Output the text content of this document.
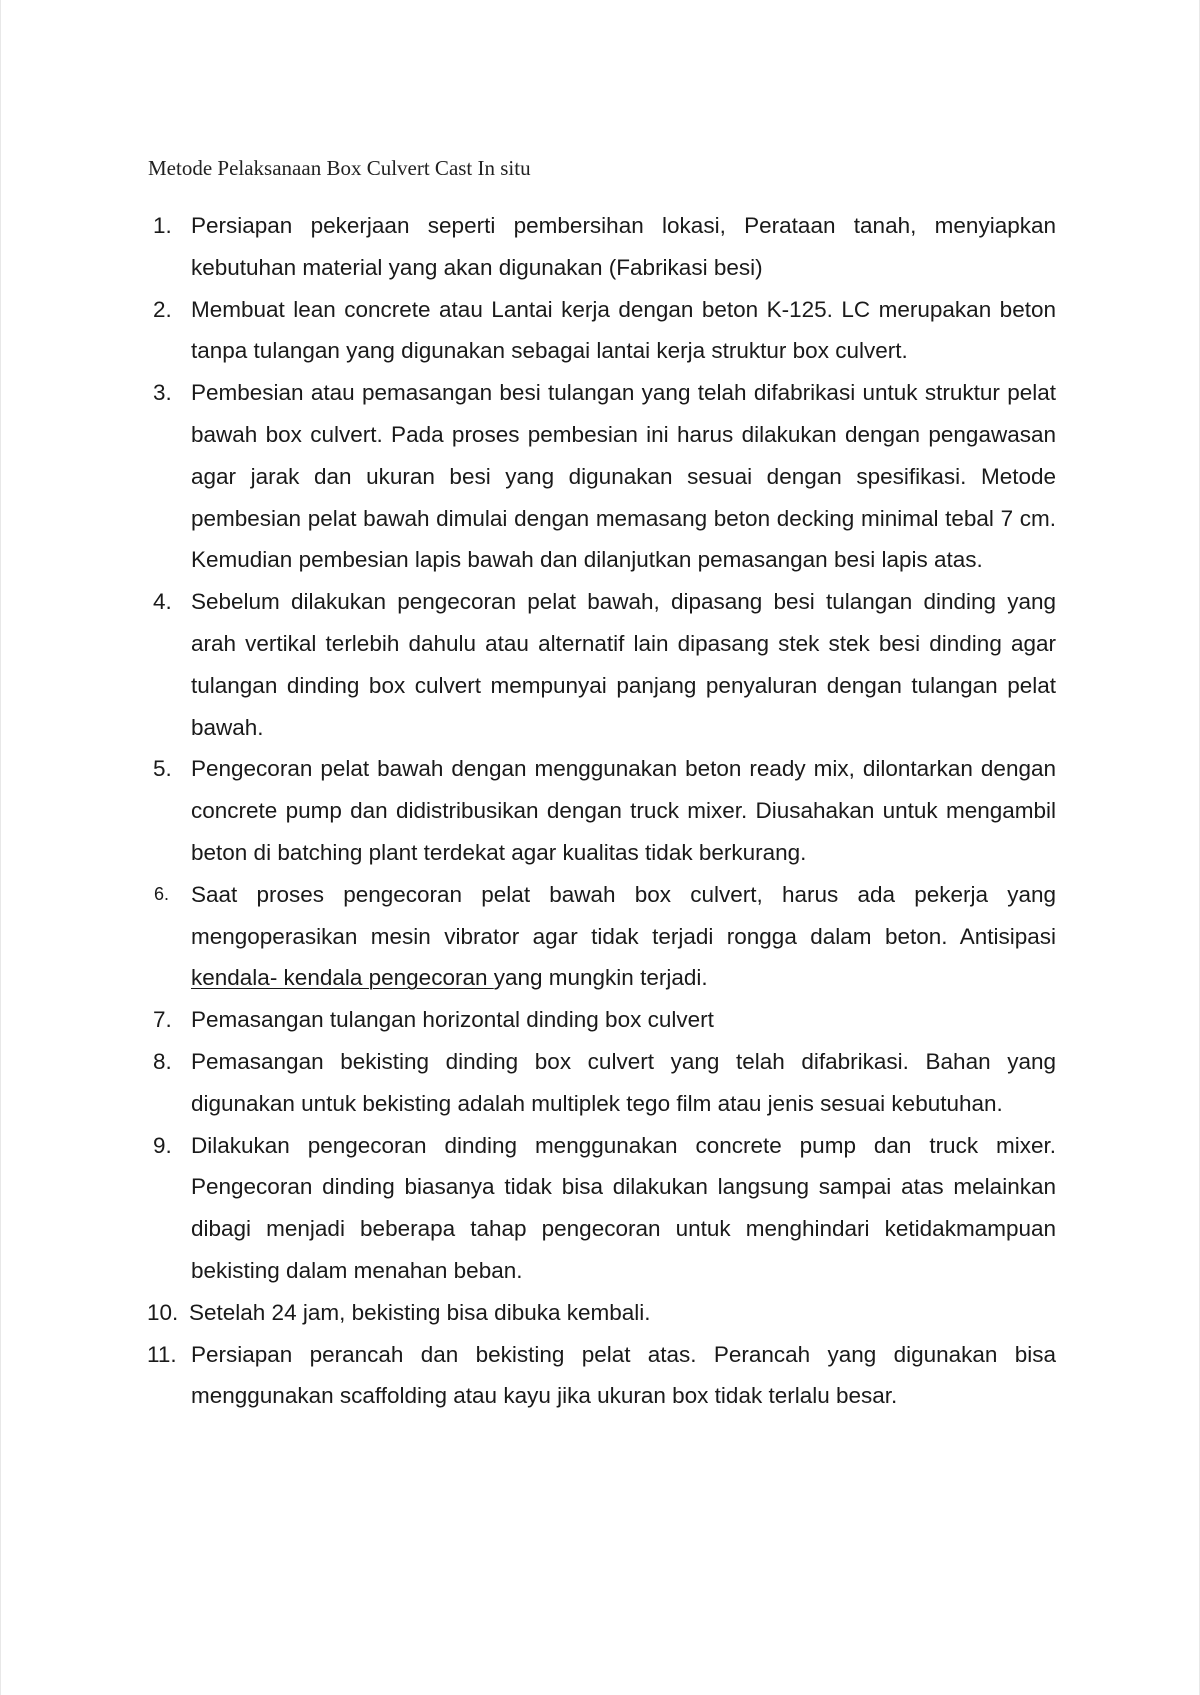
Metode Pelaksanaan Box Culvert Cast In situ
1. Persiapan pekerjaan seperti pembersihan lokasi, Perataan tanah, menyiapkan kebutuhan material yang akan digunakan (Fabrikasi besi)
2. Membuat lean concrete atau Lantai kerja dengan beton K-125. LC merupakan beton tanpa tulangan yang digunakan sebagai lantai kerja struktur box culvert.
3. Pembesian atau pemasangan besi tulangan yang telah difabrikasi untuk struktur pelat bawah box culvert. Pada proses pembesian ini harus dilakukan dengan pengawasan agar jarak dan ukuran besi yang digunakan sesuai dengan spesifikasi. Metode pembesian pelat bawah dimulai dengan memasang beton decking minimal tebal 7 cm. Kemudian pembesian lapis bawah dan dilanjutkan pemasangan besi lapis atas.
4. Sebelum dilakukan pengecoran pelat bawah, dipasang besi tulangan dinding yang arah vertikal terlebih dahulu atau alternatif lain dipasang stek stek besi dinding agar tulangan dinding box culvert mempunyai panjang penyaluran dengan tulangan pelat bawah.
5. Pengecoran pelat bawah dengan menggunakan beton ready mix, dilontarkan dengan concrete pump dan didistribusikan dengan truck mixer. Diusahakan untuk mengambil beton di batching plant terdekat agar kualitas tidak berkurang.
6. Saat proses pengecoran pelat bawah box culvert, harus ada pekerja yang mengoperasikan mesin vibrator agar tidak terjadi rongga dalam beton. Antisipasi kendala- kendala pengecoran yang mungkin terjadi.
7. Pemasangan tulangan horizontal dinding box culvert
8. Pemasangan bekisting dinding box culvert yang telah difabrikasi. Bahan yang digunakan untuk bekisting adalah multiplek tego film atau jenis sesuai kebutuhan.
9. Dilakukan pengecoran dinding menggunakan concrete pump dan truck mixer. Pengecoran dinding biasanya tidak bisa dilakukan langsung sampai atas melainkan dibagi menjadi beberapa tahap pengecoran untuk menghindari ketidakmampuan bekisting dalam menahan beban.
10. Setelah 24 jam, bekisting bisa dibuka kembali.
11. Persiapan perancah dan bekisting pelat atas. Perancah yang digunakan bisa menggunakan scaffolding atau kayu jika ukuran box tidak terlalu besar.
